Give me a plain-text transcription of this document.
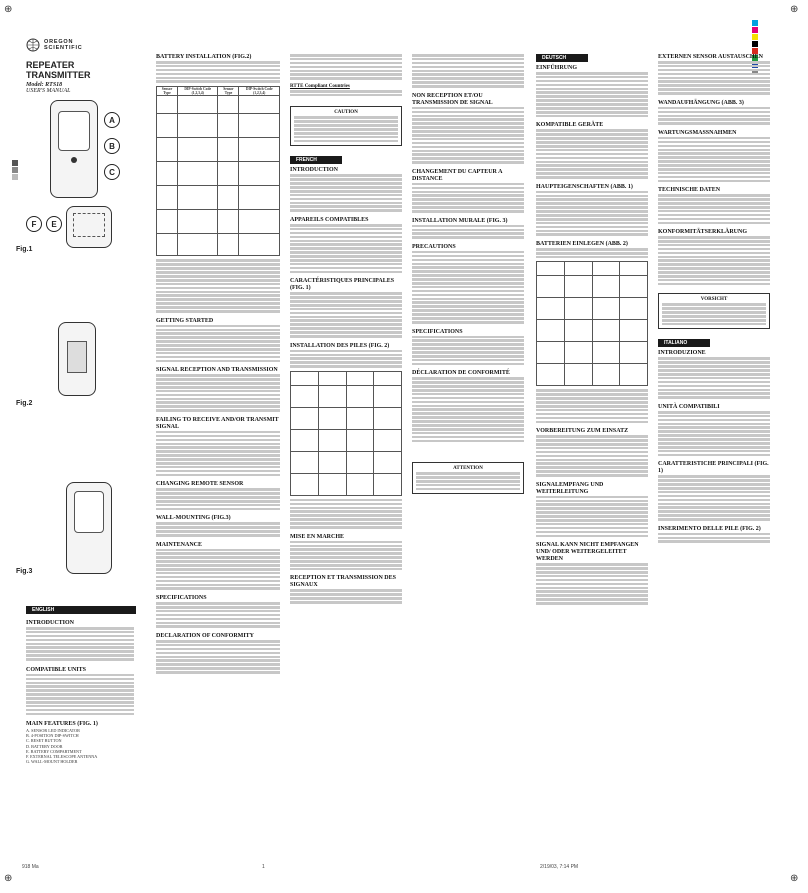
⊕	⊕
⊕	⊕
OREGON SCIENTIFIC
REPEATER TRANSMITTER
Model: RTS18
USER'S MANUAL
A
B
C
F	E
Fig.1
Fig.2
Fig.3
ENGLISH
INTRODUCTION
COMPATIBLE UNITS
MAIN FEATURES (FIG. 1)
A. SENSOR LED INDICATOR
B. 4-POSITION DIP-SWITCH
C. RESET BUTTON
D. BATTERY DOOR
E. BATTERY COMPARTMENT
F. EXTERNAL TELESCOPE ANTENNA
G. WALL-MOUNT HOLDER
BATTERY INSTALLATION (FIG.2)
Sensor Type	DIP-Switch Code (1,2,3,4)	Sensor Type	DIP-Switch Code (1,2,3,4)

GETTING STARTED
SIGNAL RECEPTION AND TRANSMISSION
FAILING TO RECEIVE AND/OR TRANSMIT SIGNAL
CHANGING REMOTE SENSOR
WALL-MOUNTING (FIG.3)
MAINTENANCE
SPECIFICATIONS
DECLARATION OF CONFORMITY
RTTE Compliant Countries
CAUTION
FRENCH
INTRODUCTION
APPAREILS COMPATIBLES
CARACTÉRISTIQUES PRINCIPALES (FIG. 1)
INSTALLATION DES PILES (FIG. 2)

MISE EN MARCHE
RECEPTION ET TRANSMISSION DES SIGNAUX
NON RECEPTION ET/OU TRANSMISSION DE SIGNAL
CHANGEMENT DU CAPTEUR A DISTANCE
INSTALLATION MURALE (FIG. 3)
PRECAUTIONS
SPECIFICATIONS
DÉCLARATION DE CONFORMITÉ
ATTENTION
DEUTSCH
EINFÜHRUNG
KOMPATIBLE GERÄTE
HAUPTEIGENSCHAFTEN (ABB. 1)
BATTERIEN EINLEGEN (ABB. 2)

VORBEREITUNG ZUM EINSATZ
SIGNALEMPFANG UND WEITERLEITUNG
SIGNAL KANN NICHT EMPFANGEN UND/ ODER WEITERGELEITET WERDEN
EXTERNEN SENSOR AUSTAUSCHEN
WANDAUFHÄNGUNG (ABB. 3)
WARTUNGSMASSNAHMEN
TECHNISCHE DATEN
KONFORMITÄTSERKLÄRUNG
VORSICHT
ITALIANO
INTRODUZIONE
UNITÀ COMPATIBILI
CARATTERISTICHE PRINCIPALI (FIG. 1)
INSERIMENTO DELLE PILE (FIG. 2)
918 Ma	1	2/19/03, 7:14 PM
